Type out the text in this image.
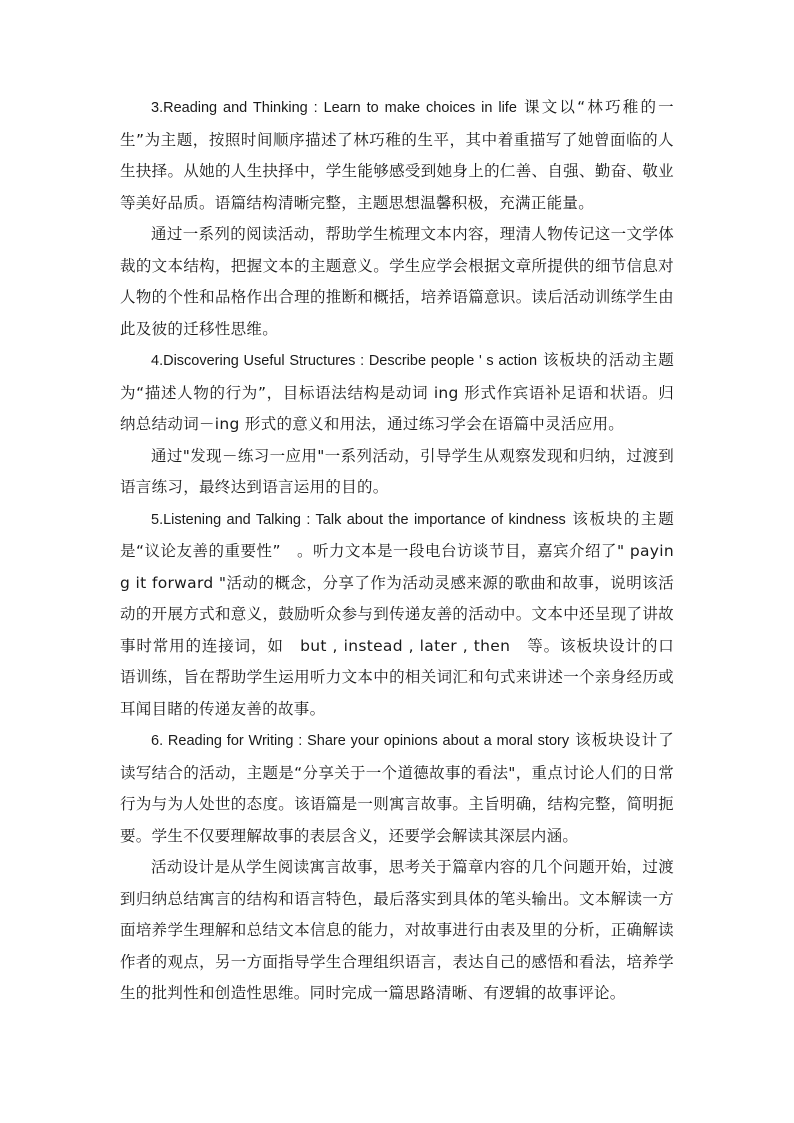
3.Reading and Thinking : Learn to make choices in life 课文以“林巧稚的一生”为主题，按照时间顺序描述了林巧稚的生平，其中着重描写了她曾面临的人生抉择。从她的人生抉择中，学生能够感受到她身上的仁善、自强、勤奋、敬业等美好品质。语篇结构清晰完整，主题思想温馨积极，充满正能量。

通过一系列的阅读活动，帮助学生梳理文本内容，理清人物传记这一文学体裁的文本结构，把握文本的主题意义。学生应学会根据文章所提供的细节信息对人物的个性和品格作出合理的推断和概括，培养语篇意识。读后活动训练学生由此及彼的迁移性思维。

4.Discovering Useful Structures : Describe people ' s action 该板块的活动主题为“描述人物的行为”，目标语法结构是动词 ing 形式作宾语补足语和状语。归纳总结动词－ing 形式的意义和用法，通过练习学会在语篇中灵活应用。

通过"发现－练习一应用"一系列活动，引导学生从观察发现和归纳，过渡到语言练习，最终达到语言运用的目的。

5.Listening and Talking : Talk about the importance of kindness 该板块的主题是“议论友善的重要性”　。听力文本是一段电台访谈节目，嘉宾介绍了" paying it forward "活动的概念，分享了作为活动灵感来源的歌曲和故事，说明该活动的开展方式和意义，鼓励听众参与到传递友善的活动中。文本中还呈现了讲故事时常用的连接词，如　but , instead , later , then　等。该板块设计的口语训练，旨在帮助学生运用听力文本中的相关词汇和句式来讲述一个亲身经历或耳闻目睹的传递友善的故事。

6. Reading for Writing : Share your opinions about a moral story 该板块设计了读写结合的活动，主题是“分享关于一个道德故事的看法"，重点讨论人们的日常行为与为人处世的态度。该语篇是一则寓言故事。主旨明确，结构完整，简明扼要。学生不仅要理解故事的表层含义，还要学会解读其深层内涵。

活动设计是从学生阅读寓言故事，思考关于篇章内容的几个问题开始，过渡到归纳总结寓言的结构和语言特色，最后落实到具体的笔头输出。文本解读一方面培养学生理解和总结文本信息的能力，对故事进行由表及里的分析，正确解读作者的观点，另一方面指导学生合理组织语言，表达自己的感悟和看法，培养学生的批判性和创造性思维。同时完成一篇思路清晰、有逻辑的故事评论。
